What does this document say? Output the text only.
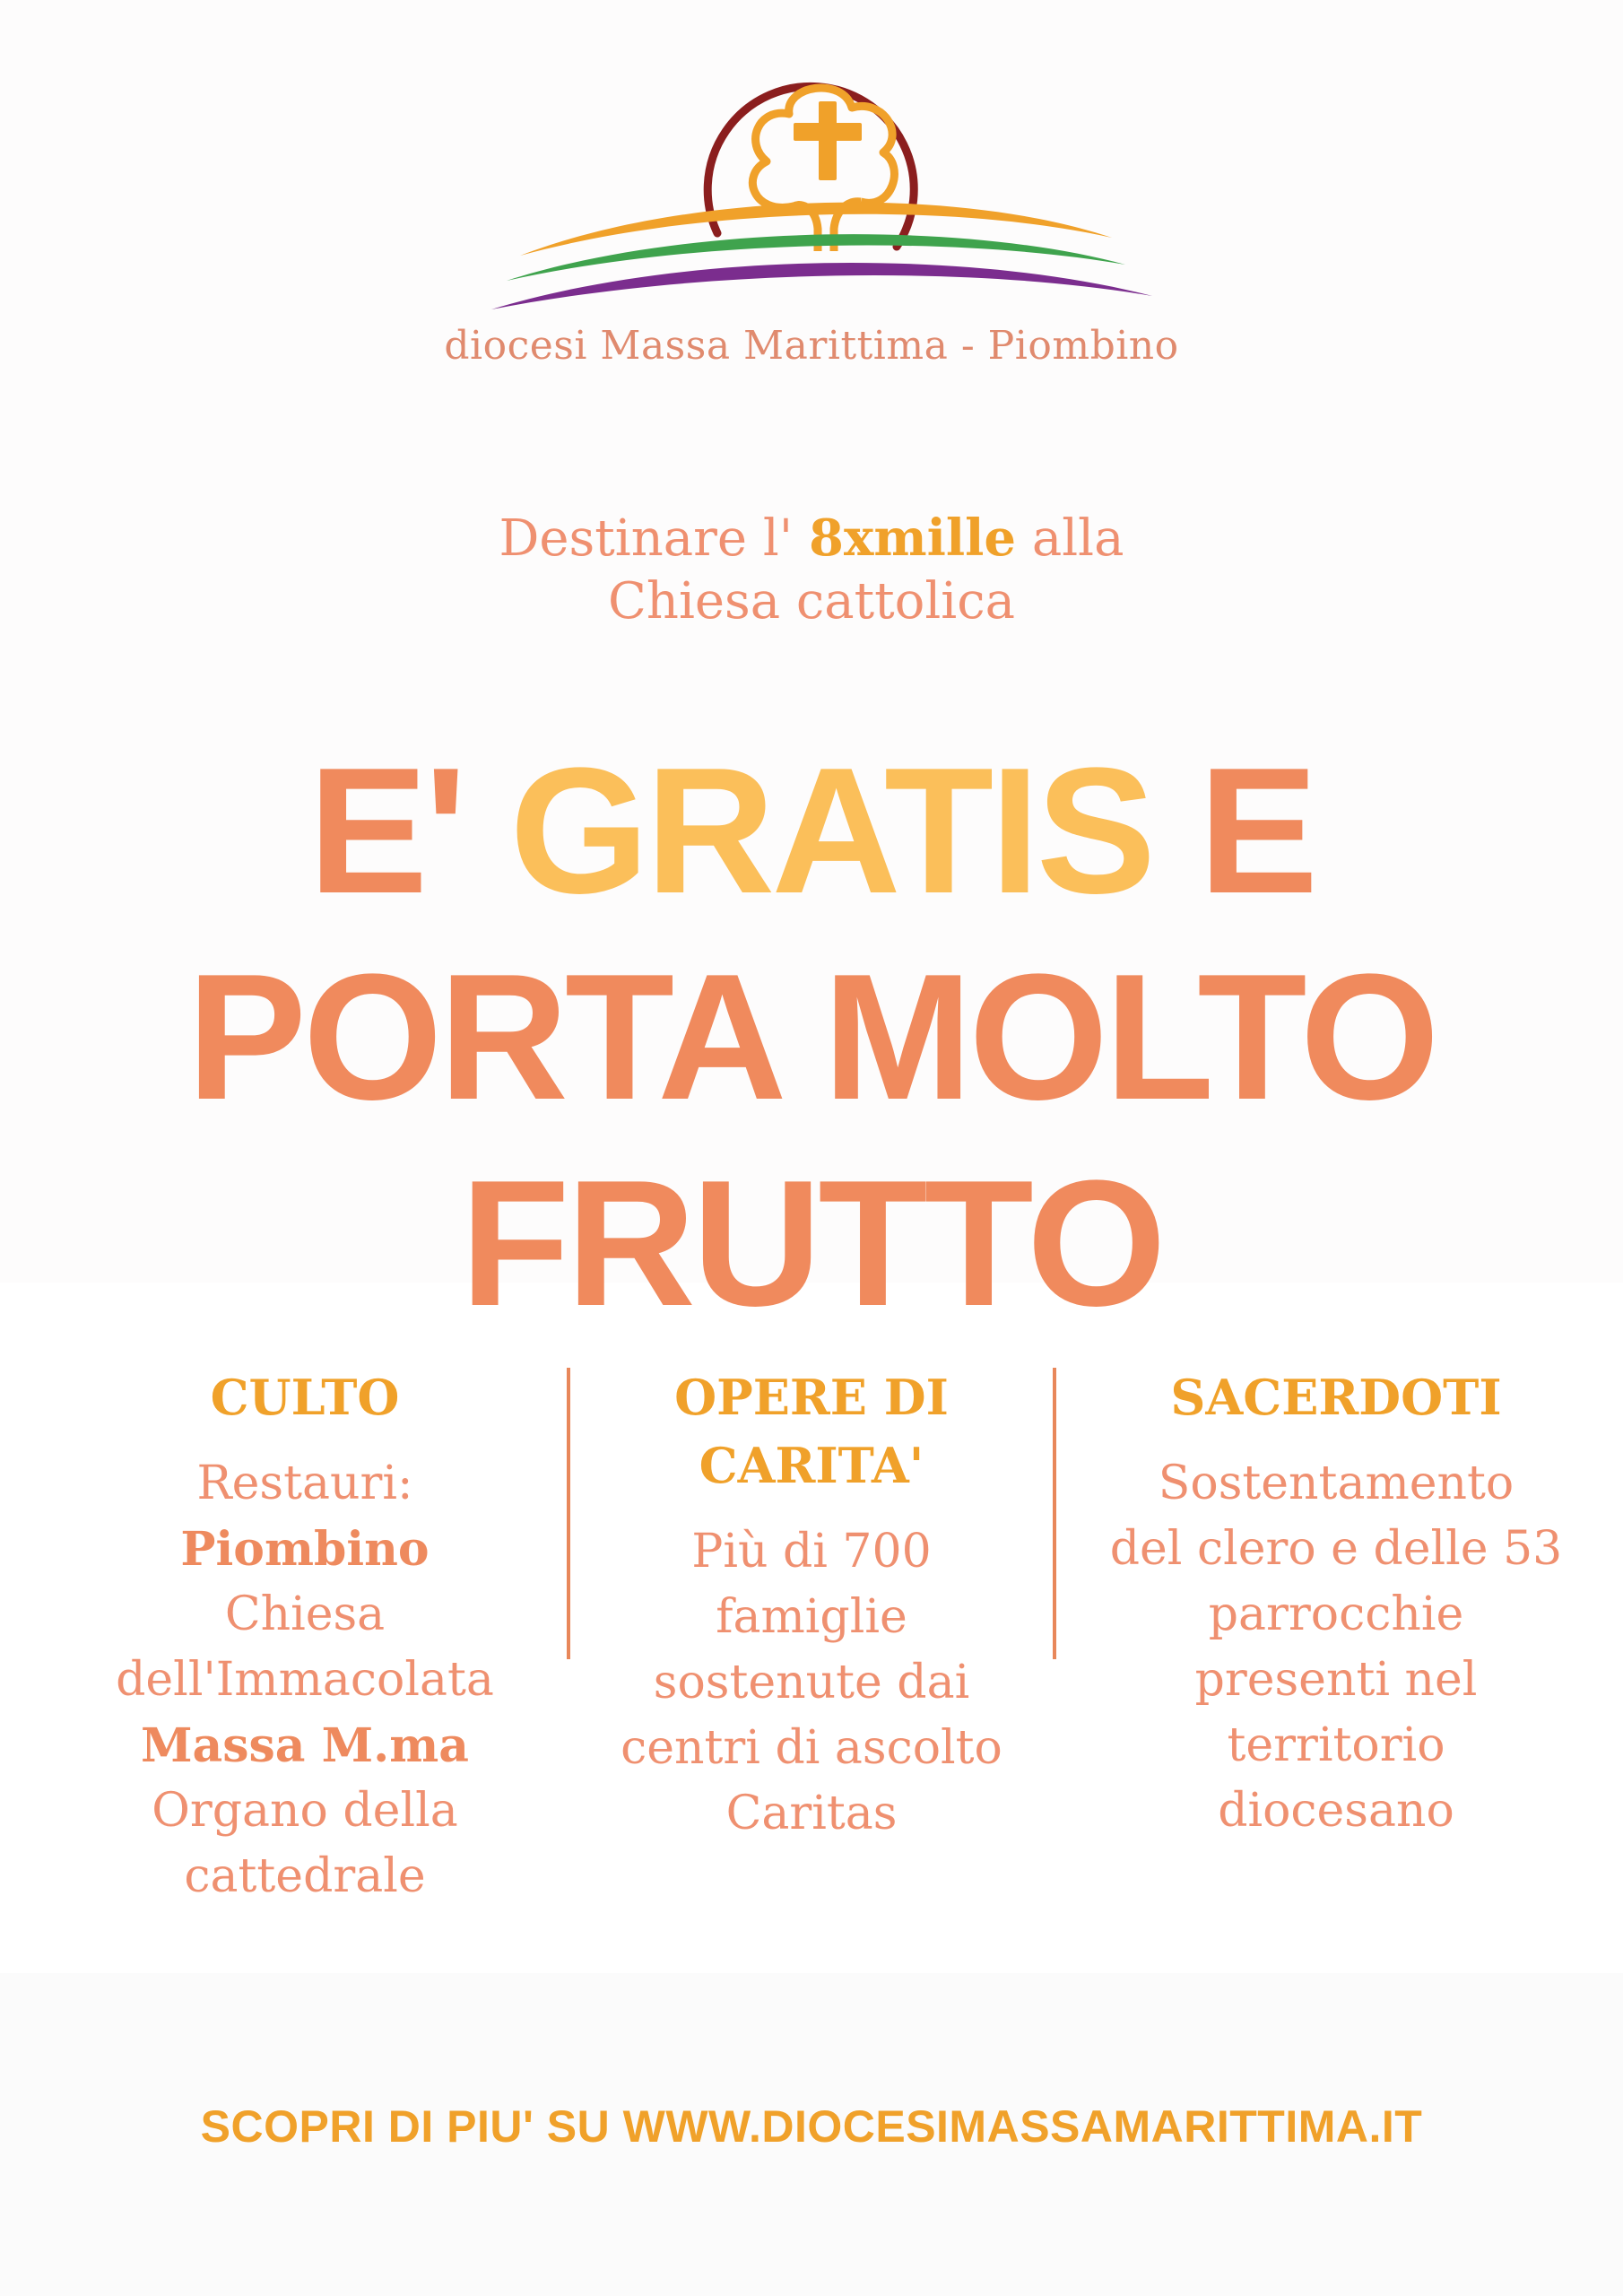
diocesi Massa Marittima - Piombino
Destinare l' 8xmille alla
Chiesa cattolica
E' GRATIS E
PORTA MOLTO
FRUTTO
CULTO
Restauri:
Piombino
Chiesa
dell'Immacolata
Massa M.ma
Organo della
cattedrale
OPERE DI
CARITA'
Più di 700
famiglie
sostenute dai
centri di ascolto
Caritas
SACERDOTI
Sostentamento
del clero e delle 53
parrocchie
presenti nel
territorio
diocesano
SCOPRI DI PIU' SU WWW.DIOCESIMASSAMARITTIMA.IT
